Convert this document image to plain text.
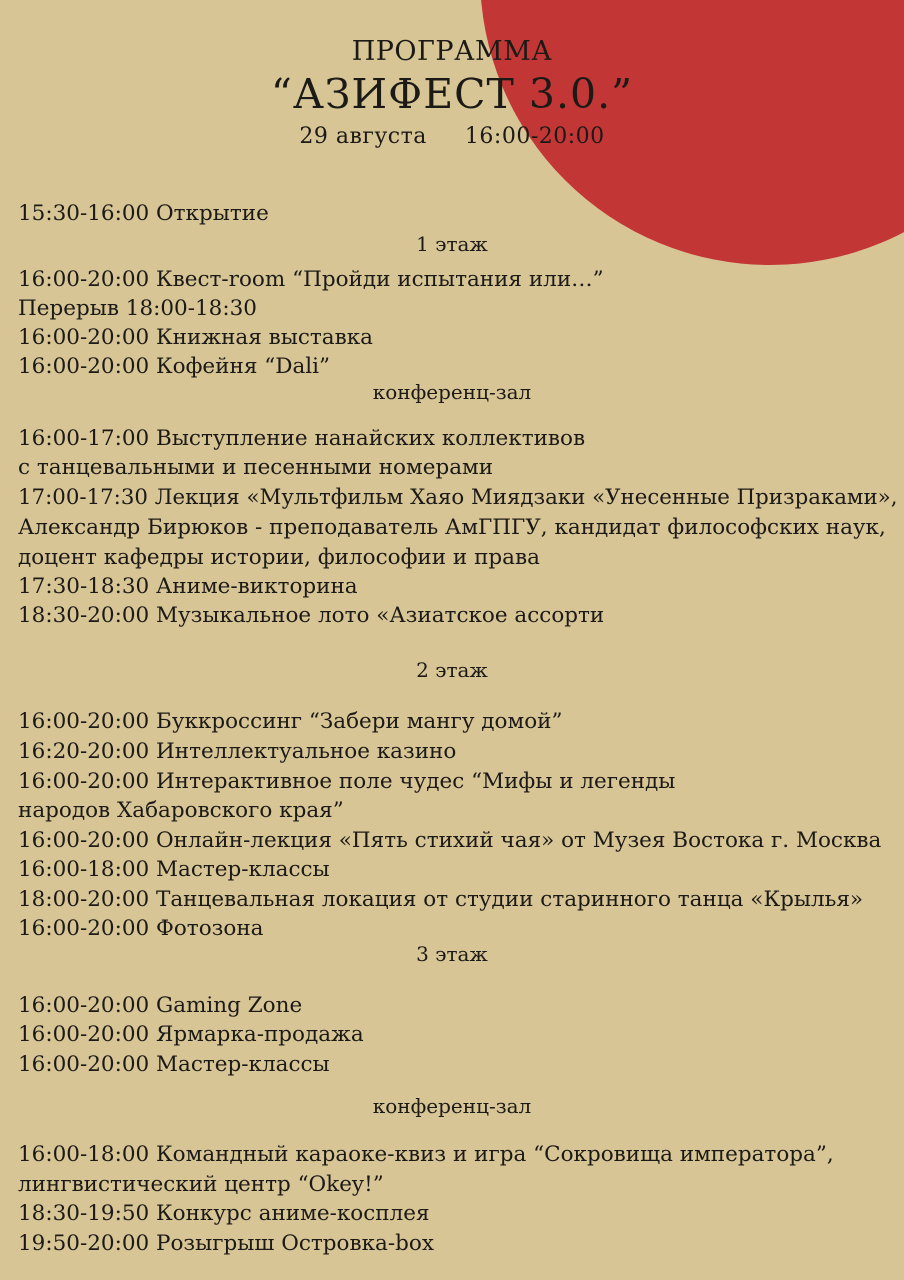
ПРОГРАММА
“АЗИФЕСТ 3.0.”
29 августа 16:00-20:00
15:30-16:00 Открытие
1 этаж
16:00-20:00 Квест-room “Пройди испытания или…”
Перерыв 18:00-18:30
16:00-20:00 Книжная выставка
16:00-20:00 Кофейня “Dali”
конференц-зал
16:00-17:00 Выступление нанайских коллективов
с танцевальными и песенными номерами
17:00-17:30 Лекция «Мультфильм Хаяо Миядзаки «Унесенные Призраками»,
Александр Бирюков - преподаватель АмГПГУ, кандидат философских наук,
доцент кафедры истории, философии и права
17:30-18:30 Аниме-викторина
18:30-20:00 Музыкальное лото «Азиатское ассорти
2 этаж
16:00-20:00 Буккроссинг “Забери мангу домой”
16:20-20:00 Интеллектуальное казино
16:00-20:00 Интерактивное поле чудес “Мифы и легенды
народов Хабаровского края”
16:00-20:00 Онлайн-лекция «Пять стихий чая» от Музея Востока г. Москва
16:00-18:00 Мастер-классы
18:00-20:00 Танцевальная локация от студии старинного танца «Крылья»
16:00-20:00 Фотозона
3 этаж
16:00-20:00 Gaming Zone
16:00-20:00 Ярмарка-продажа
16:00-20:00 Мастер-классы
конференц-зал
16:00-18:00 Командный караоке-квиз и игра “Сокровища императора”,
лингвистический центр “Okey!”
18:30-19:50 Конкурс аниме-косплея
19:50-20:00 Розыгрыш Островка-box
